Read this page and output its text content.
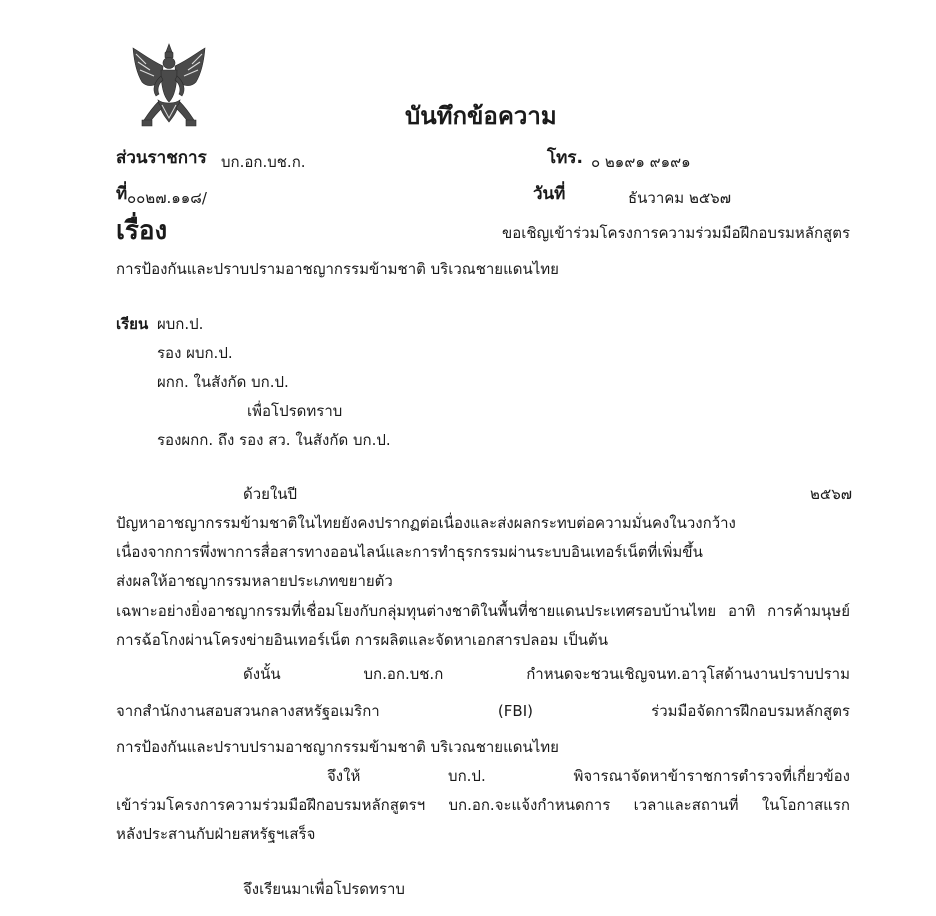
บันทึกข้อความ
ส่วนราชการ บก.อก.บช.ก.	โทร. ๐ ๒๑๙๑ ๙๑๙๑
ที่ ๐๐๒๗.๑๑๘/	วันที่	ธันวาคม ๒๕๖๗
เรื่อง	ขอเชิญเข้าร่วมโครงการความร่วมมือฝึกอบรมหลักสูตร
การป้องกันและปราบปรามอาชญากรรมข้ามชาติ บริเวณชายแดนไทย
เรียน ผบก.ป.
รอง ผบก.ป.
ผกก. ในสังกัด บก.ป.
เพื่อโปรดทราบ
รองผกก. ถึง รอง สว. ในสังกัด บก.ป.
ด้วยในปี	๒๕๖๗
ปัญหาอาชญากรรมข้ามชาติในไทยยังคงปรากฏต่อเนื่องและส่งผลกระทบต่อความมั่นคงในวงกว้าง
เนื่องจากการพึ่งพาการสื่อสารทางออนไลน์และการทำธุรกรรมผ่านระบบอินเทอร์เน็ตที่เพิ่มขึ้น
ส่งผลให้อาชญากรรมหลายประเภทขยายตัว
เฉพาะอย่างยิ่งอาชญากรรมที่เชื่อมโยงกับกลุ่มทุนต่างชาติในพื้นที่ชายแดนประเทศรอบบ้านไทย อาทิ การค้ามนุษย์
การฉ้อโกงผ่านโครงข่ายอินเทอร์เน็ต การผลิตและจัดหาเอกสารปลอม เป็นต้น
ดังนั้น	บก.อก.บช.ก	กำหนดจะชวนเชิญจนท.อาวุโสด้านงานปราบปราม
จากสำนักงานสอบสวนกลางสหรัฐอเมริกา	(FBI)	ร่วมมือจัดการฝึกอบรมหลักสูตร
การป้องกันและปราบปรามอาชญากรรมข้ามชาติ บริเวณชายแดนไทย
จึงให้	บก.ป.	พิจารณาจัดหาข้าราชการตำรวจที่เกี่ยวข้อง
เข้าร่วมโครงการความร่วมมือฝึกอบรมหลักสูตรฯ บก.อก.จะแจ้งกำหนดการ เวลาและสถานที่ ในโอกาสแรก
หลังประสานกับฝ่ายสหรัฐฯเสร็จ
จึงเรียนมาเพื่อโปรดทราบ
